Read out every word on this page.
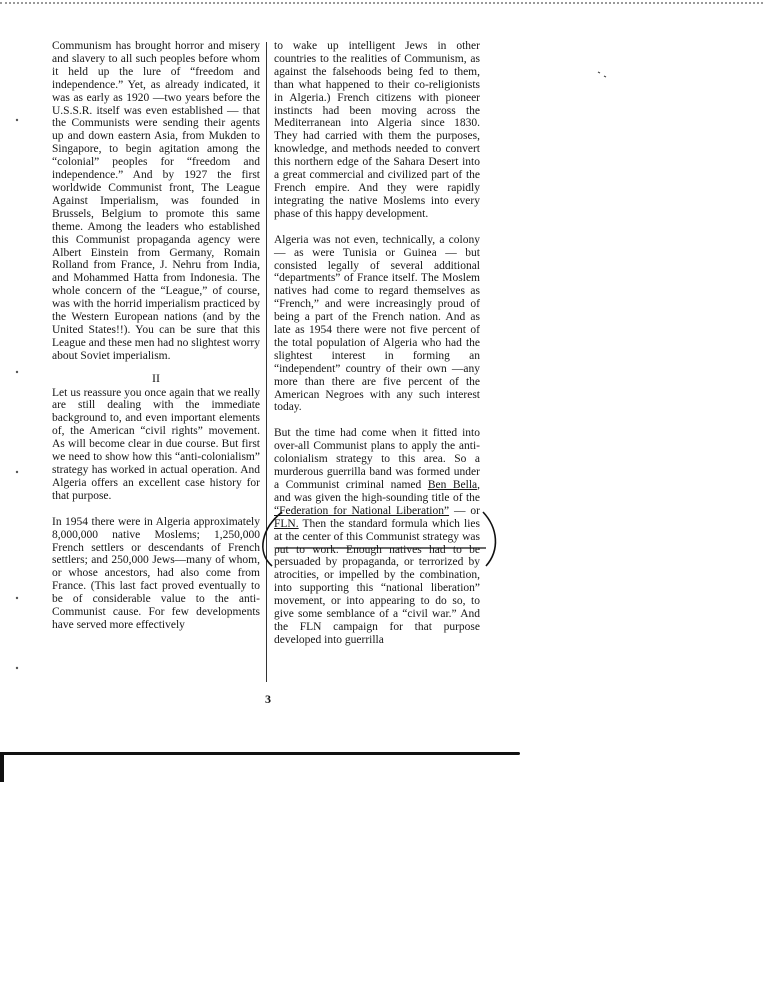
Communism has brought horror and misery and slavery to all such peoples before whom it held up the lure of “freedom and independence.” Yet, as already indicated, it was as early as 1920 —two years before the U.S.S.R. itself was even established — that the Communists were sending their agents up and down eastern Asia, from Mukden to Singapore, to begin agitation among the “colonial” peoples for “freedom and independence.” And by 1927 the first worldwide Communist front, The League Against Imperialism, was founded in Brussels, Belgium to promote this same theme. Among the leaders who established this Communist propaganda agency were Albert Einstein from Germany, Romain Rolland from France, J. Nehru from India, and Mohammed Hatta from Indonesia. The whole concern of the “League,” of course, was with the horrid imperialism practiced by the Western European nations (and by the United States!!). You can be sure that this League and these men had no slightest worry about Soviet imperialism.

II

Let us reassure you once again that we really are still dealing with the immediate background to, and even important elements of, the American “civil rights” movement. As will become clear in due course. But first we need to show how this “anti-colonialism” strategy has worked in actual operation. And Algeria offers an excellent case history for that purpose.

In 1954 there were in Algeria approximately 8,000,000 native Moslems; 1,250,000 French settlers or descendants of French settlers; and 250,000 Jews—many of whom, or whose ancestors, had also come from France. (This last fact proved eventually to be of considerable value to the anti-Communist cause. For few developments have served more effectively

to wake up intelligent Jews in other countries to the realities of Communism, as against the falsehoods being fed to them, than what happened to their co-religionists in Algeria.) French citizens with pioneer instincts had been moving across the Mediterranean into Algeria since 1830. They had carried with them the purposes, knowledge, and methods needed to convert this northern edge of the Sahara Desert into a great commercial and civilized part of the French empire. And they were rapidly integrating the native Moslems into every phase of this happy development.

Algeria was not even, technically, a colony — as were Tunisia or Guinea — but consisted legally of several additional “departments” of France itself. The Moslem natives had come to regard themselves as “French,” and were increasingly proud of being a part of the French nation. And as late as 1954 there were not five percent of the total population of Algeria who had the slightest interest in forming an “independent” country of their own —any more than there are five percent of the American Negroes with any such interest today.

But the time had come when it fitted into over-all Communist plans to apply the anti-colonialism strategy to this area. So a murderous guerrilla band was formed under a Communist criminal named Ben Bella, and was given the high-sounding title of the “Federation for National Liberation” — or FLN. Then the standard formula which lies at the center of this Communist strategy was put to work. Enough natives had to be persuaded by propaganda, or terrorized by atrocities, or impelled by the combination, into supporting this “national liberation” movement, or into appearing to do so, to give some semblance of a “civil war.” And the FLN campaign for that purpose developed into guerrilla

3
